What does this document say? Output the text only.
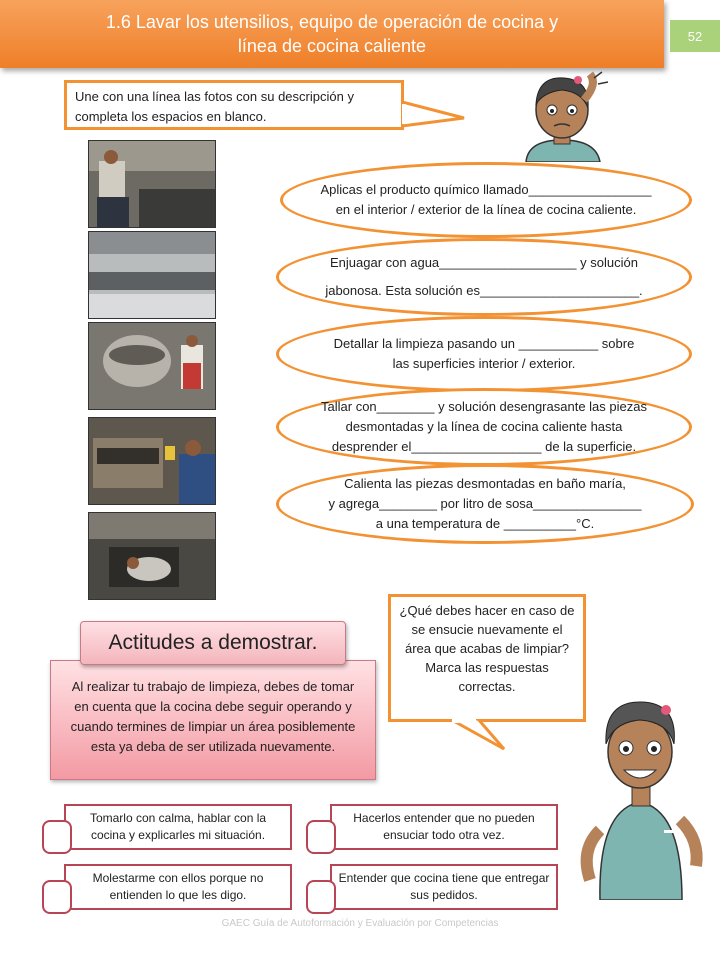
1.6 Lavar los utensilios, equipo de operación de cocina y
línea de cocina caliente	52
Une con una línea las fotos con su descripción y
completa los espacios en blanco.
Aplicas el producto químico llamado_________________
en el interior / exterior de la línea de cocina caliente.
Enjuagar con agua___________________ y solución
jabonosa. Esta solución es______________________.
Detallar la limpieza pasando un ___________ sobre
las superficies interior / exterior.
Tallar con________ y solución desengrasante las piezas
desmontadas y la línea de cocina caliente hasta
desprender el__________________ de la superficie.
Calienta las piezas desmontadas en baño maría,
y agrega________ por litro de sosa_______________
a una temperatura de __________°C.
Al realizar tu trabajo de limpieza, debes de tomar en cuenta que la cocina debe seguir operando y cuando termines de limpiar un área posiblemente esta ya deba de ser utilizada nuevamente.
Actitudes a demostrar.
¿Qué debes hacer en caso de se ensucie nuevamente el área que acabas de limpiar?
Marca las respuestas correctas.
Tomarlo con calma, hablar con la cocina y explicarles mi situación.
Hacerlos entender que no pueden ensuciar todo otra vez.
Molestarme con ellos porque no entienden lo que les digo.
Entender que cocina tiene que entregar sus pedidos.
GAEC Guía de Autoformación y Evaluación por Competencias
